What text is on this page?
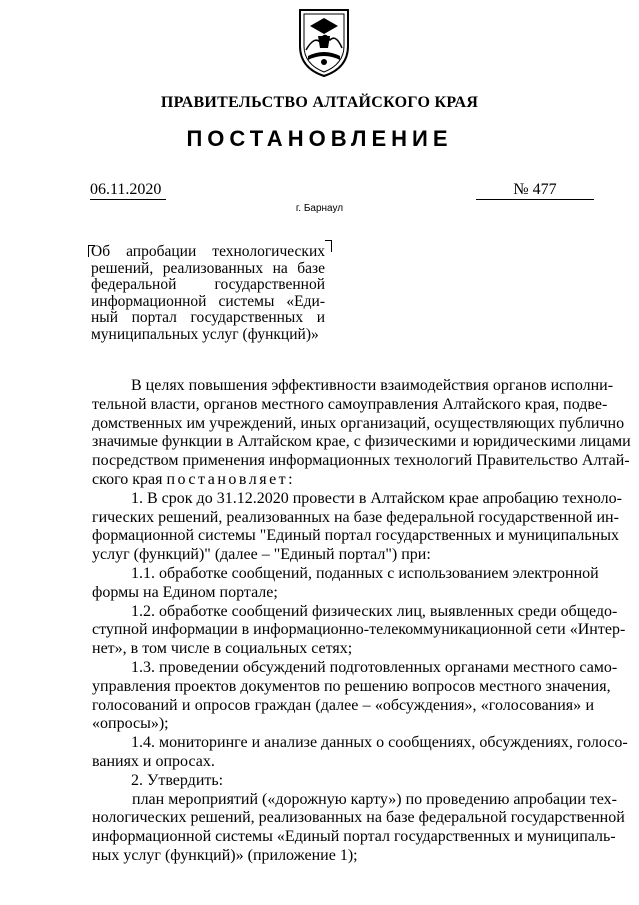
ПРАВИТЕЛЬСТВО АЛТАЙСКОГО КРАЯ
ПОСТАНОВЛЕНИЕ
06.11.2020	№ 477
г. Барнаул
Об апробации технологических
решений, реализованных на базе
федеральной государственной
информационной системы «Еди-
ный портал государственных и
муниципальных услуг (функций)»
В целях повышения эффективности взаимодействия органов исполни-
тельной власти, органов местного самоуправления Алтайского края, подве-
домственных им учреждений, иных организаций, осуществляющих публично
значимые функции в Алтайском крае, с физическими и юридическими лицами
посредством применения информационных технологий Правительство Алтай-
ского края постановляет:
1. В срок до 31.12.2020 провести в Алтайском крае апробацию техноло-
гических решений, реализованных на базе федеральной государственной ин-
формационной системы "Единый портал государственных и муниципальных
услуг (функций)" (далее – "Единый портал") при:
1.1. обработке сообщений, поданных с использованием электронной
формы на Едином портале;
1.2. обработке сообщений физических лиц, выявленных среди общедо-
ступной информации в информационно-телекоммуникационной сети «Интер-
нет», в том числе в социальных сетях;
1.3. проведении обсуждений подготовленных органами местного само-
управления проектов документов по решению вопросов местного значения,
голосований и опросов граждан (далее – «обсуждения», «голосования» и
«опросы»);
1.4. мониторинге и анализе данных о сообщениях, обсуждениях, голосо-
ваниях и опросах.
2. Утвердить:
план мероприятий («дорожную карту») по проведению апробации тех-
нологических решений, реализованных на базе федеральной государственной
информационной системы «Единый портал государственных и муниципаль-
ных услуг (функций)» (приложение 1);
